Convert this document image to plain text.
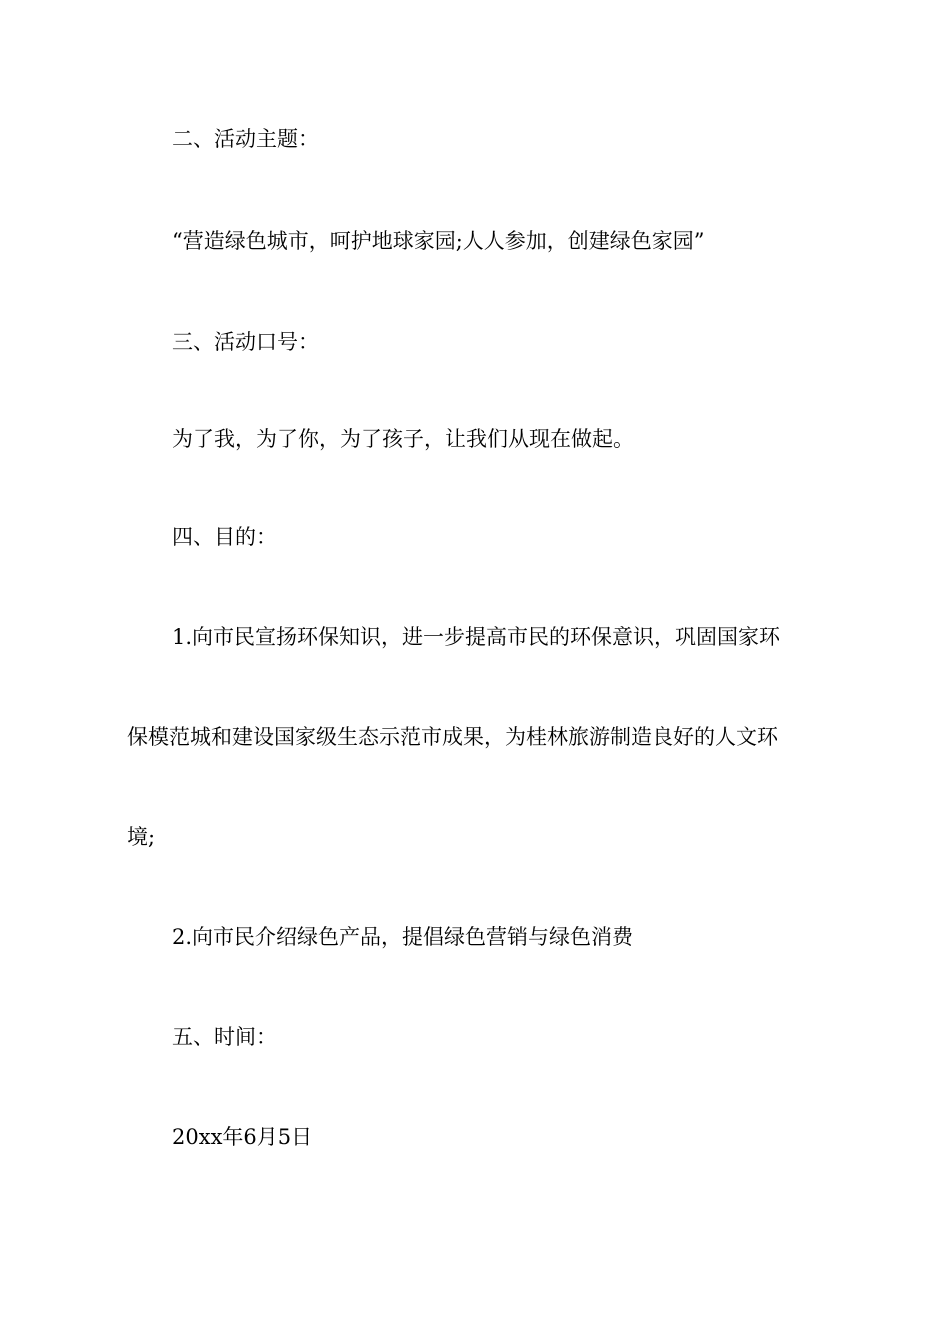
二、活动主题：

“营造绿色城市，呵护地球家园;人人参加，创建绿色家园”

三、活动口号：

为了我，为了你，为了孩子，让我们从现在做起。

四、目的：

1.向市民宣扬环保知识，进一步提高市民的环保意识，巩固国家环

保模范城和建设国家级生态示范市成果，为桂林旅游制造良好的人文环

境;

2.向市民介绍绿色产品，提倡绿色营销与绿色消费

五、时间：

20xx年6月5日
